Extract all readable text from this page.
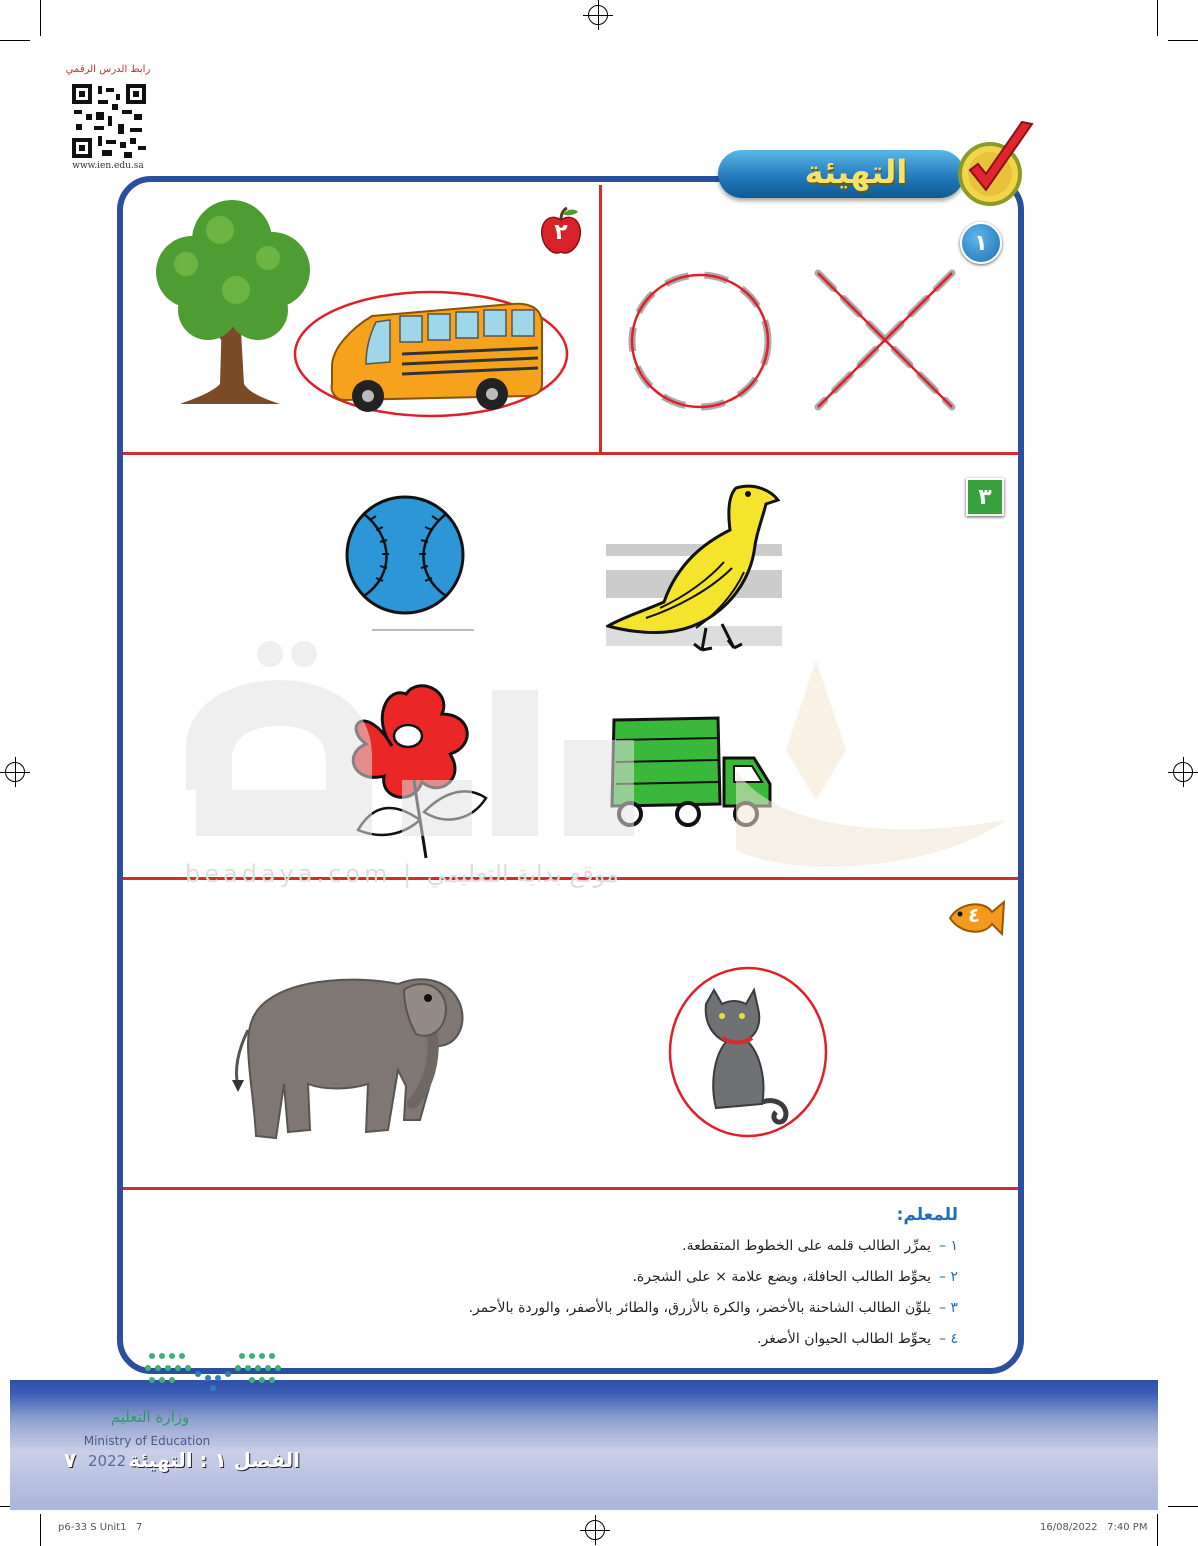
رابط الدرس الرقمي
www.ien.edu.sa	التهيئة
١
٢
٣
beadaya.com | موقع بداية التعليمي
٤
للمعلم:
١ –يمرِّر الطالب قلمه على الخطوط المتقطعة.
٢ –يحوِّط الطالب الحافلة، ويضع علامة × على الشجرة.
٣ –يلوِّن الطالب الشاحنة بالأخضر، والكرة بالأزرق، والطائر بالأصفر، والوردة بالأحمر.
٤ –يحوِّط الطالب الحيوان الأصغر.
وزارة التعليم
Ministry of Education
2022 الفصل ١ : التهيئة
٧
p6-33 S Unit1   7	16/08/2022   7:40 PM
